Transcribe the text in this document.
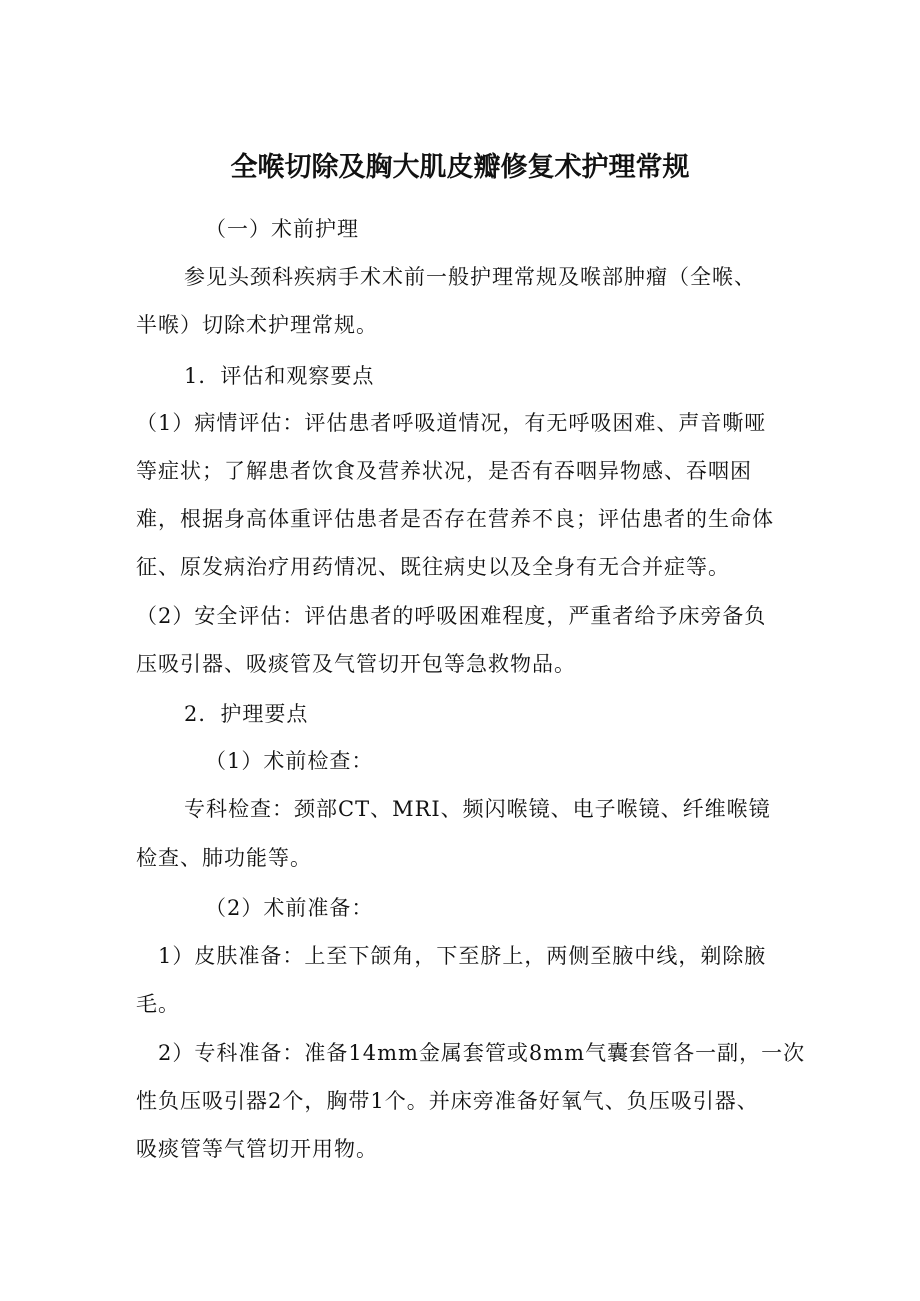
全喉切除及胸大肌皮瓣修复术护理常规
（一）术前护理
参见头颈科疾病手术术前一般护理常规及喉部肿瘤（全喉、
半喉）切除术护理常规。
1．评估和观察要点
（1）病情评估：评估患者呼吸道情况，有无呼吸困难、声音嘶哑
等症状；了解患者饮食及营养状况，是否有吞咽异物感、吞咽困
难，根据身高体重评估患者是否存在营养不良；评估患者的生命体
征、原发病治疗用药情况、既往病史以及全身有无合并症等。
（2）安全评估：评估患者的呼吸困难程度，严重者给予床旁备负
压吸引器、吸痰管及气管切开包等急救物品。
2．护理要点
（1）术前检查：
专科检查：颈部CT、MRI、频闪喉镜、电子喉镜、纤维喉镜
检查、肺功能等。
（2）术前准备：
1）皮肤准备：上至下颌角，下至脐上，两侧至腋中线，剃除腋
毛。
2）专科准备：准备14mm金属套管或8mm气囊套管各一副，一次
性负压吸引器2个，胸带1个。并床旁准备好氧气、负压吸引器、
吸痰管等气管切开用物。
